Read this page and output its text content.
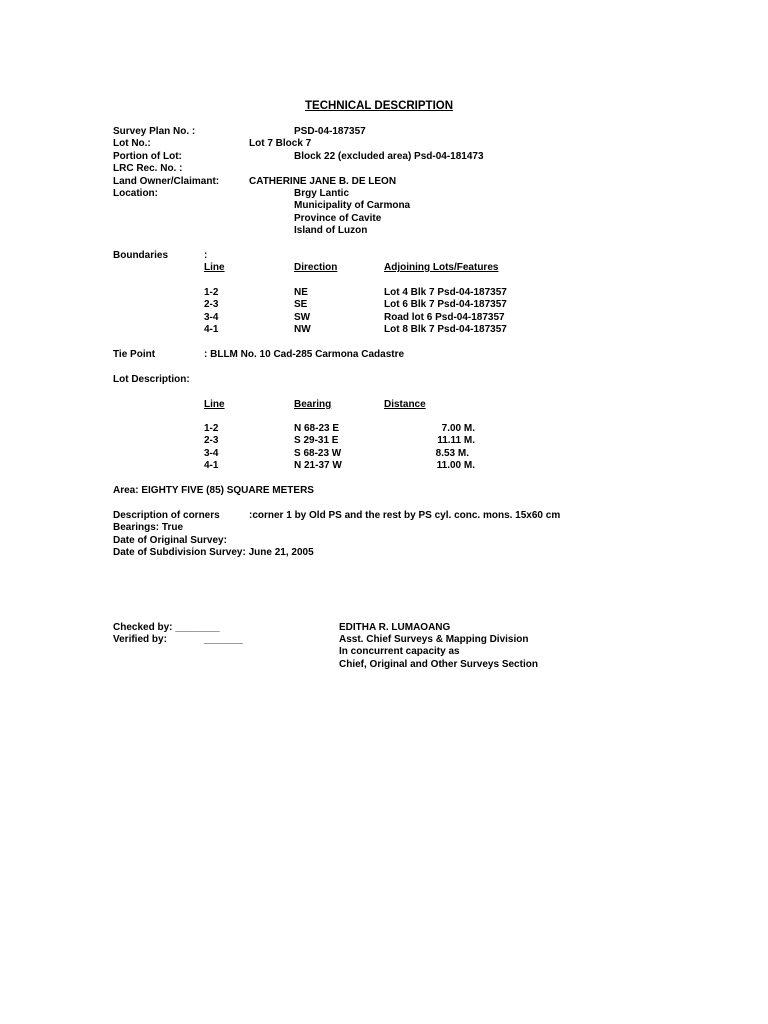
TECHNICAL DESCRIPTION
Survey Plan No. :	PSD-04-187357
Lot No.:	Lot 7 Block 7
Portion of Lot:	Block 22 (excluded area) Psd-04-181473
LRC Rec. No. :
Land Owner/Claimant:	CATHERINE JANE B. DE LEON
Location:	Brgy Lantic
Municipality of Carmona
Province of Cavite
Island of Luzon
Boundaries	:
Line	Direction	Adjoining Lots/Features
1-2	NE	Lot 4 Blk 7 Psd-04-187357
2-3	SE	Lot 6 Blk 7 Psd-04-187357
3-4	SW	Road lot 6 Psd-04-187357
4-1	NW	Lot 8 Blk 7 Psd-04-187357
Tie Point	: BLLM No. 10 Cad-285 Carmona Cadastre
Lot Description:
Line	Bearing	Distance
1-2	N 68-23 E	7.00 M.
2-3	S 29-31 E	11.11 M.
3-4	S 68-23 W	8.53 M.
4-1	N 21-37 W	11.00 M.
Area: EIGHTY FIVE (85) SQUARE METERS
Description of corners	:corner 1 by Old PS and the rest by PS cyl. conc. mons. 15x60 cm
Bearings: True
Date of Original Survey:
Date of Subdivision Survey: June 21, 2005
Checked by: ________
Verified by:	_______
EDITHA R. LUMAOANG
Asst. Chief Surveys & Mapping Division
In concurrent capacity as
Chief, Original and Other Surveys Section
